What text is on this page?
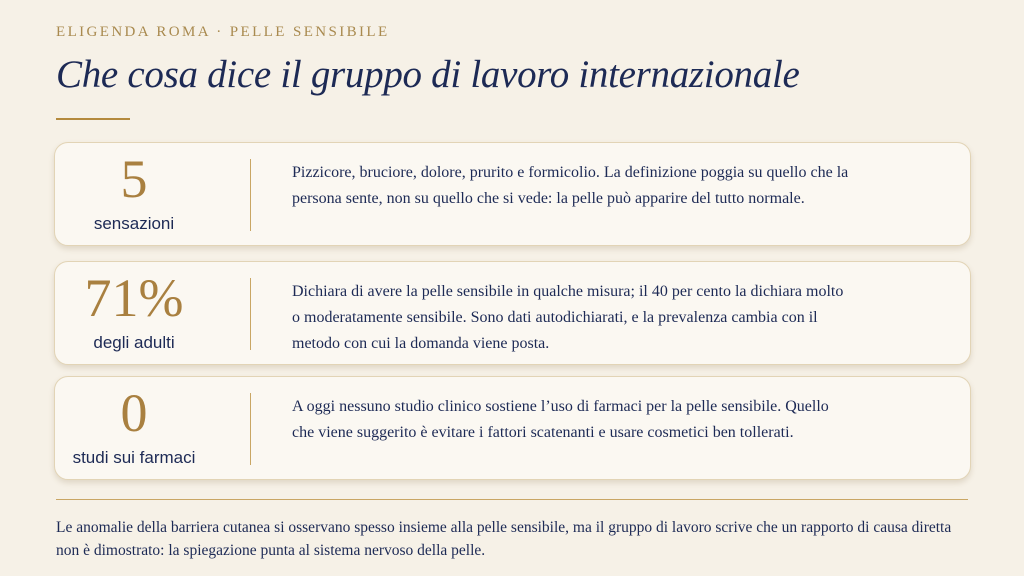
ELIGENDA ROMA · PELLE SENSIBILE
Che cosa dice il gruppo di lavoro internazionale
5
sensazioni
Pizzicore, bruciore, dolore, prurito e formicolio. La definizione poggia su quello che la persona sente, non su quello che si vede: la pelle può apparire del tutto normale.
71%
degli adulti
Dichiara di avere la pelle sensibile in qualche misura; il 40 per cento la dichiara molto o moderatamente sensibile. Sono dati autodichiarati, e la prevalenza cambia con il metodo con cui la domanda viene posta.
0
studi sui farmaci
A oggi nessuno studio clinico sostiene l’uso di farmaci per la pelle sensibile. Quello che viene suggerito è evitare i fattori scatenanti e usare cosmetici ben tollerati.
Le anomalie della barriera cutanea si osservano spesso insieme alla pelle sensibile, ma il gruppo di lavoro scrive che un rapporto di causa diretta non è dimostrato: la spiegazione punta al sistema nervoso della pelle.
